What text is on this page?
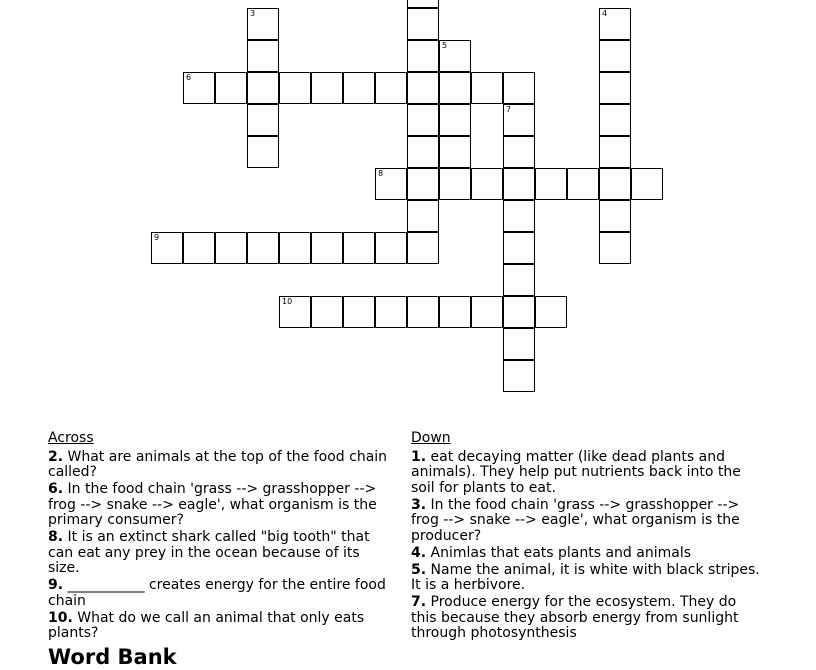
3	4
5
6
7
8
9
10
Across
2. What are animals at the top of the food chain called?
6. In the food chain 'grass --> grasshopper --> frog --> snake --> eagle', what organism is the primary consumer?
8. It is an extinct shark called "big tooth" that can eat any prey in the ocean because of its size.
9. ___________ creates energy for the entire food chain
10. What do we call an animal that only eats plants?
Down
1. eat decaying matter (like dead plants and animals). They help put nutrients back into the soil for plants to eat.
3. In the food chain 'grass --> grasshopper --> frog --> snake --> eagle', what organism is the producer?
4. Animlas that eats plants and animals
5. Name the animal, it is white with black stripes. It is a herbivore.
7. Produce energy for the ecosystem. They do this because they absorb energy from sunlight through photosynthesis
Word Bank
